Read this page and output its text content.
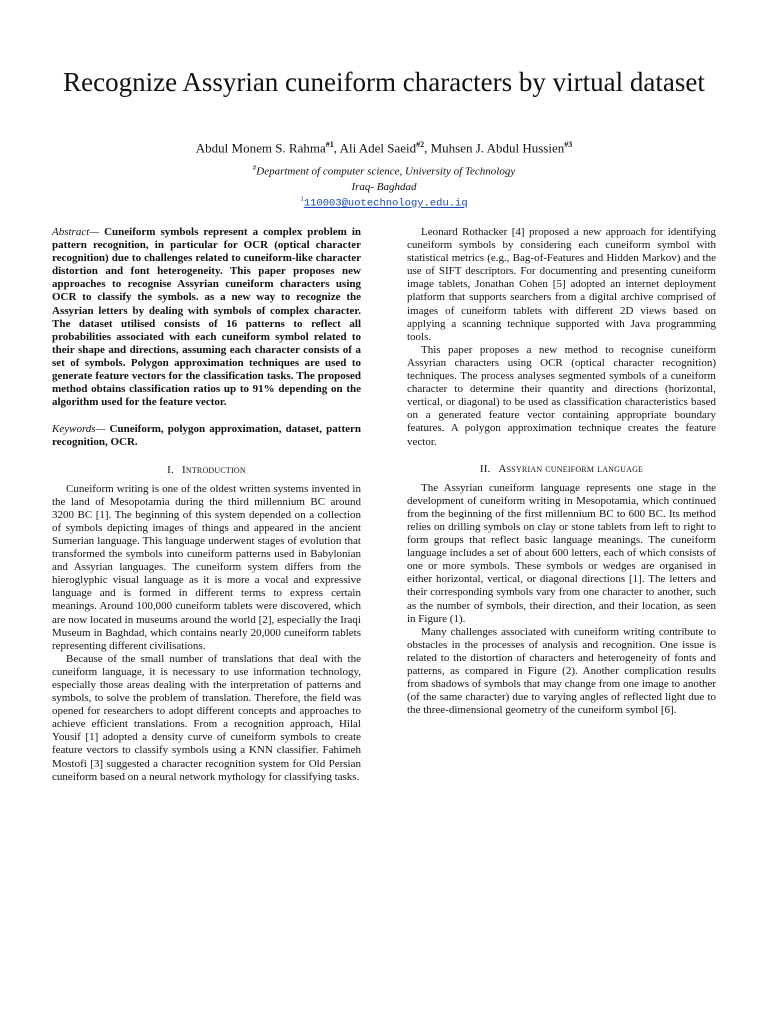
Recognize Assyrian cuneiform characters by virtual dataset
Abdul Monem S. Rahma$^{\#1}$, Ali Adel Saeid$^{\#2}$, Muhsen J. Abdul Hussien$^{\#3}$
#Department of computer science, University of Technology
Iraq- Baghdad
$^1$110003@uotechnology.edu.iq

Abstract— Cuneiform symbols represent a complex problem in pattern recognition, in particular for OCR (optical character recognition) due to challenges related to cuneiform-like character distortion and font heterogeneity. This paper proposes new approaches to recognise Assyrian cuneiform characters using OCR to classify the symbols. as a new way to recognize the Assyrian letters by dealing with symbols of complex character. The dataset utilised consists of 16 patterns to reflect all probabilities associated with each cuneiform symbol related to their shape and directions, assuming each character consists of a set of symbols. Polygon approximation techniques are used to generate feature vectors for the classification tasks. The proposed method obtains classification ratios up to 91% depending on the algorithm used for the feature vector.

Keywords— Cuneiform, polygon approximation, dataset, pattern recognition, OCR.

I. Introduction

Cuneiform writing is one of the oldest written systems invented in the land of Mesopotamia during the third millennium BC around 3200 BC [1]. The beginning of this system depended on a collection of symbols depicting images of things and appeared in the ancient Sumerian language. This language underwent stages of evolution that transformed the symbols into cuneiform patterns used in Babylonian and Assyrian languages. The cuneiform system differs from the hieroglyphic visual language as it is more a vocal and expressive language and is formed in different terms to express certain meanings. Around 100,000 cuneiform tablets were discovered, which are now located in museums around the world [2], especially the Iraqi Museum in Baghdad, which contains nearly 20,000 cuneiform tablets representing different civilisations.

Because of the small number of translations that deal with the cuneiform language, it is necessary to use information technology, especially those areas dealing with the interpretation of patterns and symbols, to solve the problem of translation. Therefore, the field was opened for researchers to adopt different concepts and approaches to achieve efficient translations. From a recognition approach, Hilal Yousif [1] adopted a density curve of cuneiform symbols to create feature vectors to classify symbols using a KNN classifier. Fahimeh Mostofi [3] suggested a character recognition system for Old Persian cuneiform based on a neural network mythology for classifying tasks.

Leonard Rothacker [4] proposed a new approach for identifying cuneiform symbols by considering each cuneiform symbol with statistical metrics (e.g., Bag-of-Features and Hidden Markov) and the use of SIFT descriptors. For documenting and presenting cuneiform image tablets, Jonathan Cohen [5] adopted an internet deployment platform that supports searchers from a digital archive comprised of images of cuneiform tablets with different 2D views based on applying a scanning technique supported with Java programming tools.

This paper proposes a new method to recognise cuneiform Assyrian characters using OCR (optical character recognition) techniques. The process analyses segmented symbols of a cuneiform character to determine their quantity and directions (horizontal, vertical, or diagonal) to be used as classification characteristics based on a generated feature vector containing appropriate boundary features. A polygon approximation technique creates the feature vector.

II. Assyrian cuneiform language

The Assyrian cuneiform language represents one stage in the development of cuneiform writing in Mesopotamia, which continued from the beginning of the first millennium BC to 600 BC. Its method relies on drilling symbols on clay or stone tablets from left to right to form groups that reflect basic language meanings. The cuneiform language includes a set of about 600 letters, each of which consists of one or more symbols. These symbols or wedges are organised in either horizontal, vertical, or diagonal directions [1]. The letters and their corresponding symbols vary from one character to another, such as the number of symbols, their direction, and their location, as seen in Figure (1).

Many challenges associated with cuneiform writing contribute to obstacles in the processes of analysis and recognition. One issue is related to the distortion of characters and heterogeneity of fonts and patterns, as compared in Figure (2). Another complication results from shadows of symbols that may change from one image to another (of the same character) due to varying angles of reflected light due to the three-dimensional geometry of the cuneiform symbol [6].
